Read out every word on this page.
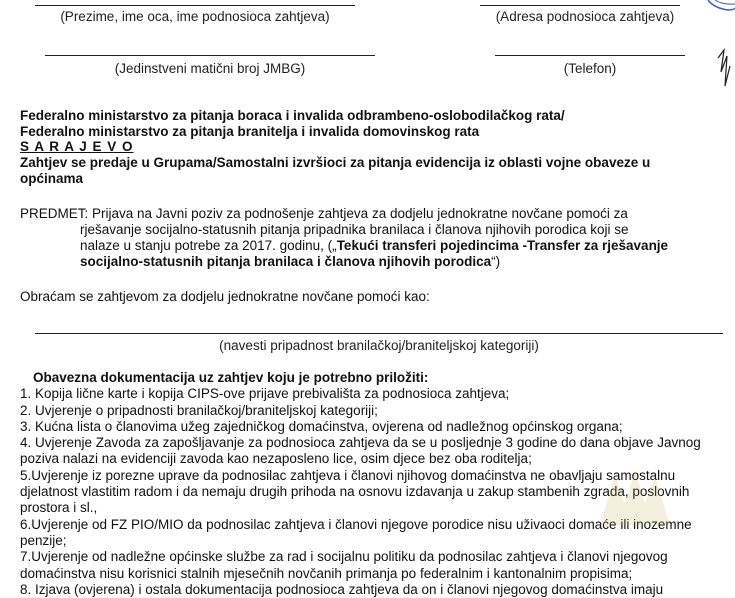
(Prezime, ime oca, ime podnosioca zahtjeva)	(Adresa podnosioca zahtjeva)
(Jedinstveni matični broj JMBG)	(Telefon)
Federalno ministarstvo za pitanja boraca i invalida odbrambeno-oslobodilačkog rata/
Federalno ministarstvo za pitanja branitelja i invalida domovinskog rata
S A R A J E V O
Zahtjev se predaje u Grupama/Samostalni izvršioci za pitanja evidencija iz oblasti vojne obaveze u
općinama
PREDMET: Prijava na Javni poziv za podnošenje zahtjeva za dodjelu jednokratne novčane pomoći za
rješavanje socijalno-statusnih pitanja pripadnika branilaca i članova njihovih porodica koji se
nalaze u stanju potrebe za 2017. godinu, („Tekući transferi pojedincima -Transfer za rješavanje
socijalno-statusnih pitanja branilaca i članova njihovih porodica“)
Obraćam se zahtjevom za dodjelu jednokratne novčane pomoći kao:
(navesti pripadnost branilačkoj/braniteljskoj kategoriji)
Obavezna dokumentacija uz zahtjev koju je potrebno priložiti:
1. Kopija lične karte i kopija CIPS-ove prijave prebivališta za podnosioca zahtjeva;
2. Uvjerenje o pripadnosti branilačkoj/braniteljskoj kategoriji;
3. Kućna lista o članovima užeg zajedničkog domaćinstva, ovjerena od nadležnog općinskog organa;
4. Uvjerenje Zavoda za zapošljavanje za podnosioca zahtjeva da se u posljednje 3 godine do dana objave Javnog
poziva nalazi na evidenciji zavoda kao nezaposleno lice, osim djece bez oba roditelja;
5.Uvjerenje iz porezne uprave da podnosilac zahtjeva i članovi njihovog domaćinstva ne obavljaju samostalnu
djelatnost vlastitim radom i da nemaju drugih prihoda na osnovu izdavanja u zakup stambenih zgrada, poslovnih
prostora i sl.,
6.Uvjerenje od FZ PIO/MIO da podnosilac zahtjeva i članovi njegove porodice nisu uživaoci domaće ili inozemne
penzije;
7.Uvjerenje od nadležne općinske službe za rad i socijalnu politiku da podnosilac zahtjeva i članovi njegovog
domaćinstva nisu korisnici stalnih mjesečnih novčanih primanja po federalnim i kantonalnim propisima;
8. Izjava (ovjerena) i ostala dokumentacija podnosioca zahtjeva da on i članovi njegovog domaćinstva imaju
